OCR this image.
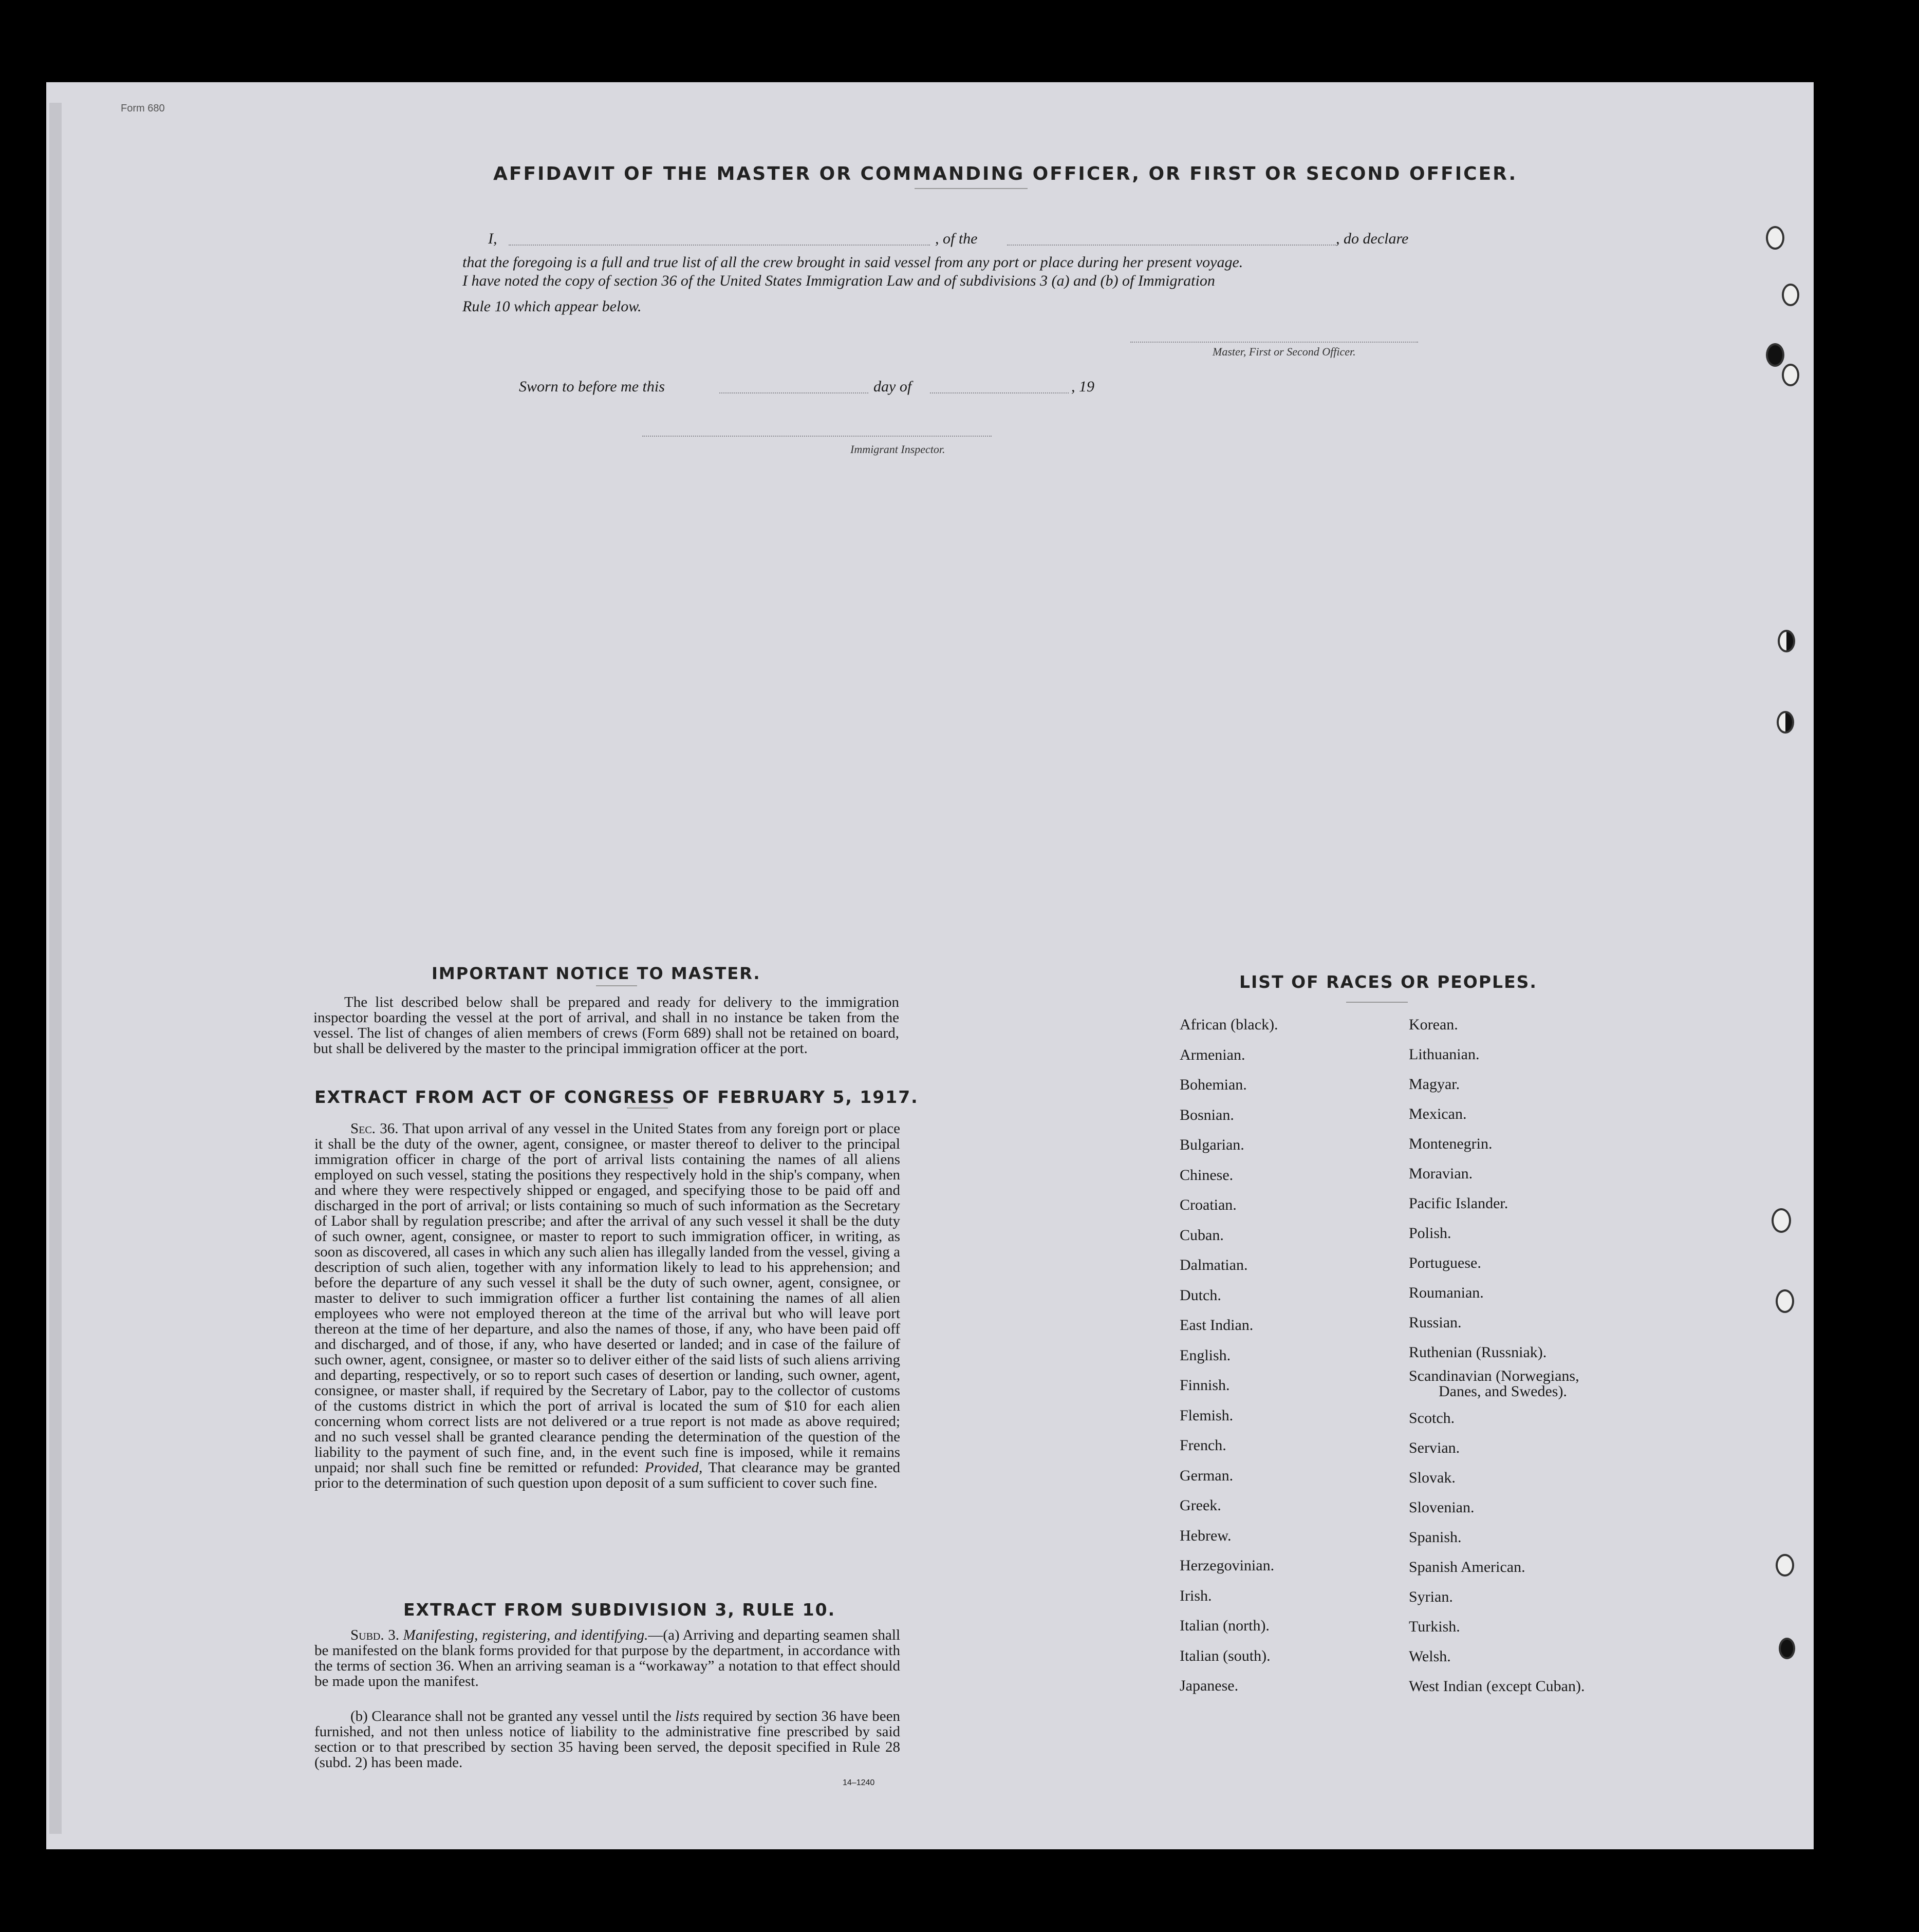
Form 680
AFFIDAVIT OF THE MASTER OR COMMANDING OFFICER, OR FIRST OR SECOND OFFICER.
I,	, of the	, do declare
that the foregoing is a full and true list of all the crew brought in said vessel from any port or place during her present voyage.
I have noted the copy of section 36 of the United States Immigration Law and of subdivisions 3 (a) and (b) of Immigration
Rule 10 which appear below.
Master, First or Second Officer.
Sworn to before me this	day of	, 19
Immigrant Inspector.
IMPORTANT NOTICE TO MASTER.
The list described below shall be prepared and ready for delivery to the immigration inspector boarding the vessel at the port of arrival, and shall in no instance be taken from the vessel. The list of changes of alien members of crews (Form 689) shall not be retained on board, but shall be delivered by the master to the principal immigration officer at the port.
EXTRACT FROM ACT OF CONGRESS OF FEBRUARY 5, 1917.
Sec. 36. That upon arrival of any vessel in the United States from any foreign port or place it shall be the duty of the owner, agent, consignee, or master thereof to deliver to the principal immigration officer in charge of the port of arrival lists containing the names of all aliens employed on such vessel, stating the positions they respectively hold in the ship's company, when and where they were respectively shipped or engaged, and specifying those to be paid off and discharged in the port of arrival; or lists containing so much of such information as the Secretary of Labor shall by regulation prescribe; and after the arrival of any such vessel it shall be the duty of such owner, agent, consignee, or master to report to such immigration officer, in writing, as soon as discovered, all cases in which any such alien has illegally landed from the vessel, giving a description of such alien, together with any information likely to lead to his apprehension; and before the departure of any such vessel it shall be the duty of such owner, agent, consignee, or master to deliver to such immigration officer a further list containing the names of all alien employees who were not employed thereon at the time of the arrival but who will leave port thereon at the time of her departure, and also the names of those, if any, who have been paid off and discharged, and of those, if any, who have deserted or landed; and in case of the failure of such owner, agent, consignee, or master so to deliver either of the said lists of such aliens arriving and departing, respectively, or so to report such cases of desertion or landing, such owner, agent, consignee, or master shall, if required by the Secretary of Labor, pay to the collector of customs of the customs district in which the port of arrival is located the sum of $10 for each alien concerning whom correct lists are not delivered or a true report is not made as above required; and no such vessel shall be granted clearance pending the determination of the question of the liability to the payment of such fine, and, in the event such fine is imposed, while it remains unpaid; nor shall such fine be remitted or refunded: Provided, That clearance may be granted prior to the determination of such question upon deposit of a sum sufficient to cover such fine.
EXTRACT FROM SUBDIVISION 3, RULE 10.
Subd. 3. Manifesting, registering, and identifying.—(a) Arriving and departing seamen shall be manifested on the blank forms provided for that purpose by the department, in accordance with the terms of section 36. When an arriving seaman is a “workaway” a notation to that effect should be made upon the manifest.
(b) Clearance shall not be granted any vessel until the lists required by section 36 have been furnished, and not then unless notice of liability to the administrative fine prescribed by said section or to that prescribed by section 35 having been served, the deposit specified in Rule 28 (subd. 2) has been made.
14–1240
LIST OF RACES OR PEOPLES.
African (black).
Armenian.
Bohemian.
Bosnian.
Bulgarian.
Chinese.
Croatian.
Cuban.
Dalmatian.
Dutch.
East Indian.
English.
Finnish.
Flemish.
French.
German.
Greek.
Hebrew.
Herzegovinian.
Irish.
Italian (north).
Italian (south).
Japanese.
Korean.
Lithuanian.
Magyar.
Mexican.
Montenegrin.
Moravian.
Pacific Islander.
Polish.
Portuguese.
Roumanian.
Russian.
Ruthenian (Russniak).
Scandinavian (Norwegians,
Danes, and Swedes).
Scotch.
Servian.
Slovak.
Slovenian.
Spanish.
Spanish American.
Syrian.
Turkish.
Welsh.
West Indian (except Cuban).
